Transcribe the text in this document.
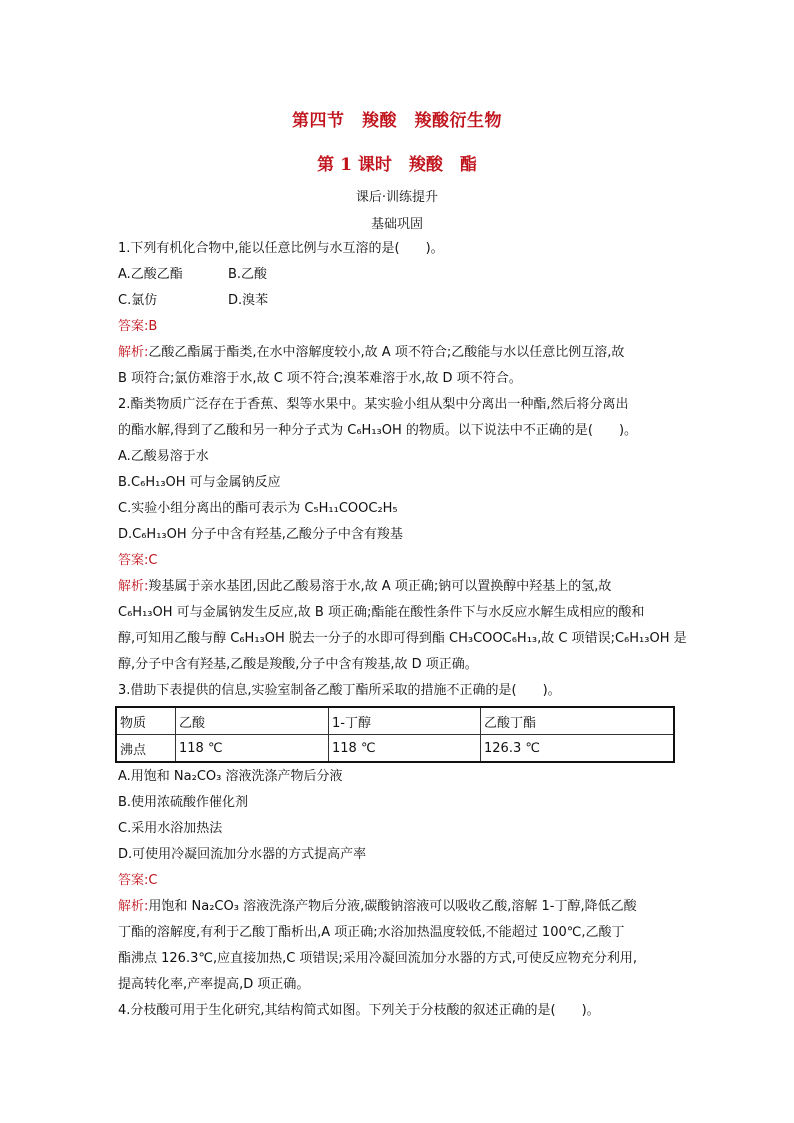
第四节　羧酸　羧酸衍生物
第 1 课时　羧酸　酯
课后·训练提升
基础巩固
1.下列有机化合物中,能以任意比例与水互溶的是(　　)。
A.乙酸乙酯	B.乙酸
C.氯仿	D.溴苯
答案:B
解析:乙酸乙酯属于酯类,在水中溶解度较小,故 A 项不符合;乙酸能与水以任意比例互溶,故
B 项符合;氯仿难溶于水,故 C 项不符合;溴苯难溶于水,故 D 项不符合。
2.酯类物质广泛存在于香蕉、梨等水果中。某实验小组从梨中分离出一种酯,然后将分离出
的酯水解,得到了乙酸和另一种分子式为 C₆H₁₃OH 的物质。以下说法中不正确的是(　　)。
A.乙酸易溶于水
B.C₆H₁₃OH 可与金属钠反应
C.实验小组分离出的酯可表示为 C₅H₁₁COOC₂H₅
D.C₆H₁₃OH 分子中含有羟基,乙酸分子中含有羧基
答案:C
解析:羧基属于亲水基团,因此乙酸易溶于水,故 A 项正确;钠可以置换醇中羟基上的氢,故
C₆H₁₃OH 可与金属钠发生反应,故 B 项正确;酯能在酸性条件下与水反应水解生成相应的酸和
醇,可知用乙酸与醇 C₆H₁₃OH 脱去一分子的水即可得到酯 CH₃COOC₆H₁₃,故 C 项错误;C₆H₁₃OH 是
醇,分子中含有羟基,乙酸是羧酸,分子中含有羧基,故 D 项正确。
3.借助下表提供的信息,实验室制备乙酸丁酯所采取的措施不正确的是(　　)。
物质	乙酸	1-丁醇	乙酸丁酯
沸点	118 ℃	118 ℃	126.3 ℃
A.用饱和 Na₂CO₃ 溶液洗涤产物后分液
B.使用浓硫酸作催化剂
C.采用水浴加热法
D.可使用冷凝回流加分水器的方式提高产率
答案:C
解析:用饱和 Na₂CO₃ 溶液洗涤产物后分液,碳酸钠溶液可以吸收乙酸,溶解 1-丁醇,降低乙酸
丁酯的溶解度,有利于乙酸丁酯析出,A 项正确;水浴加热温度较低,不能超过 100℃,乙酸丁
酯沸点 126.3℃,应直接加热,C 项错误;采用冷凝回流加分水器的方式,可使反应物充分利用,
提高转化率,产率提高,D 项正确。
4.分枝酸可用于生化研究,其结构简式如图。下列关于分枝酸的叙述正确的是(　　)。
